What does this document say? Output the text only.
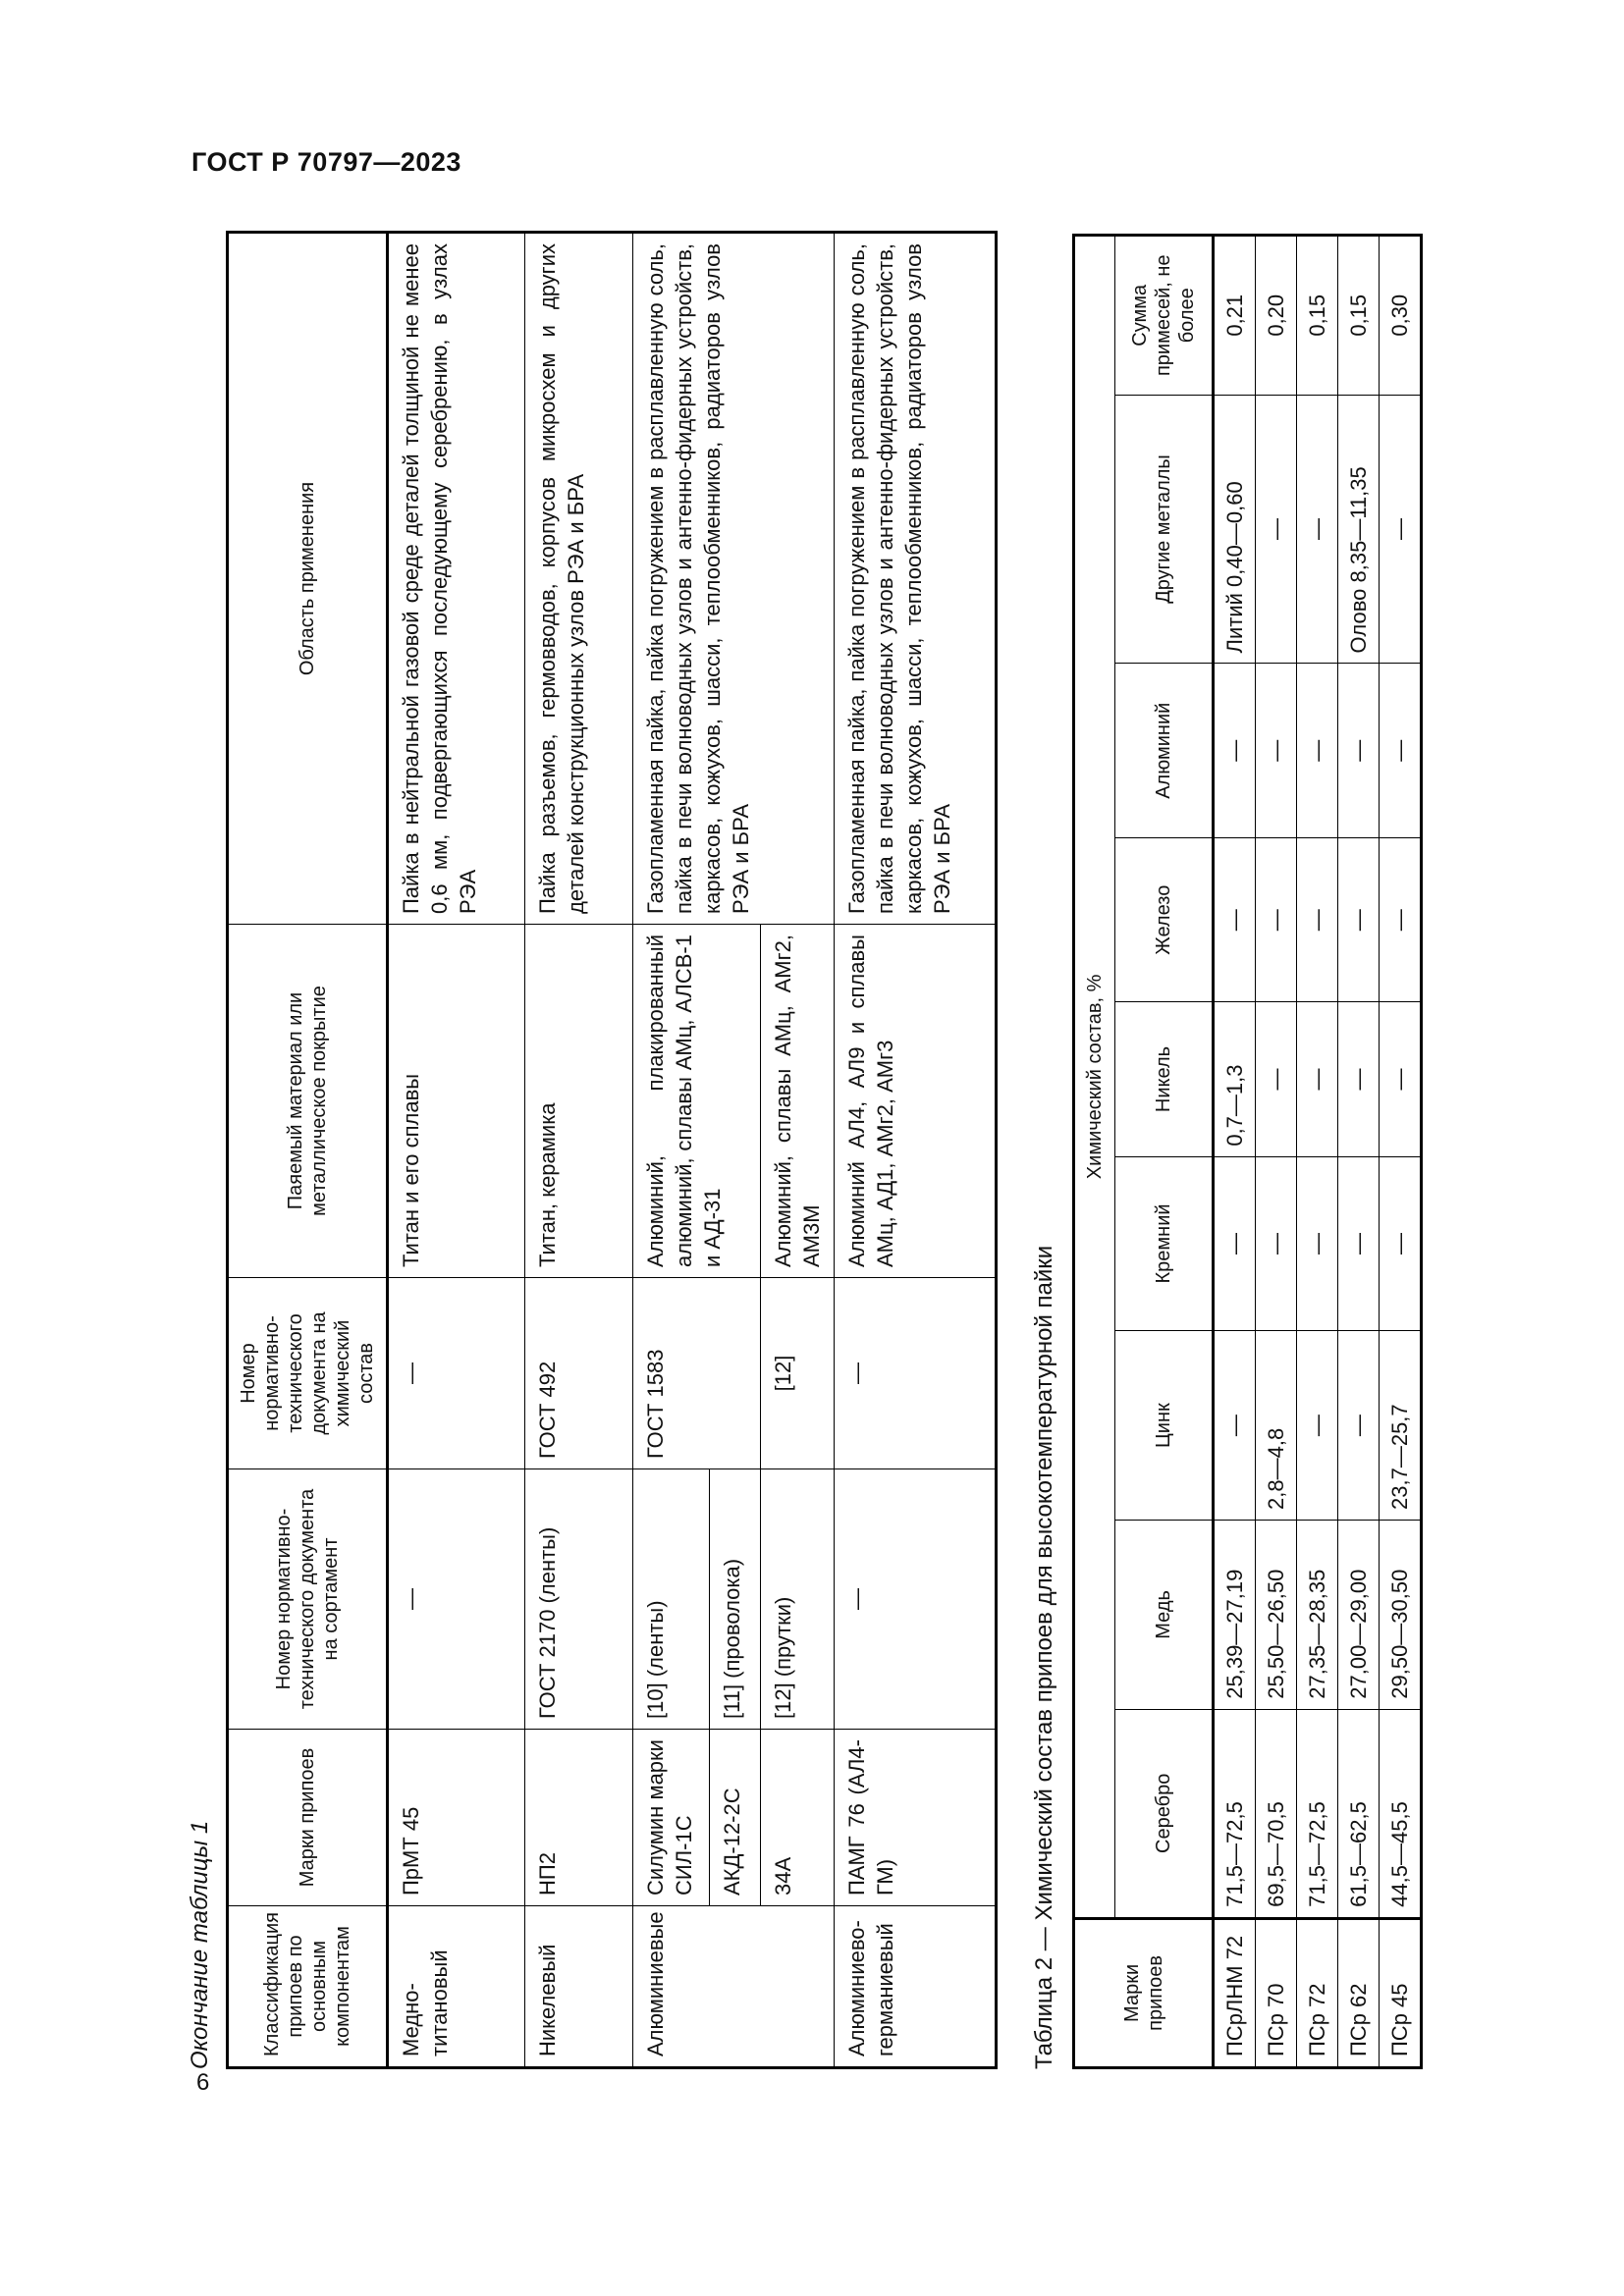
ГОСТ Р 70797—2023
6
Окончание таблицы 1 Классификация припоев по основным компонентам	Марки припоев	Номер нормативно-технического документа на сортамент	Номер нормативно-технического документа на химический состав	Паяемый материал или металлическое покрытие	Область применения
Медно-титановый	ПрМТ 45	—	—	Титан и его сплавы	Пайка в нейтральной газовой среде деталей толщиной не менее 0,6 мм, подвергающихся последующему серебрению, в узлах РЭА
Никелевый	НП2	ГОСТ 2170 (ленты)	ГОСТ 492	Титан, керамика	Пайка разъемов, гермовводов, корпусов микросхем и других деталей конструкционных узлов РЭА и БРА
Алюминиевые	Силумин марки СИЛ-1С	[10] (ленты)	ГОСТ 1583	Алюминий, плакированный алюминий, сплавы АМц, АЛСВ-1 и АД-31	Газопламенная пайка, пайка погружением в расплавленную соль, пайка в печи волноводных узлов и антенно-фидерных устройств, каркасов, кожухов, шасси, теплообменников, радиаторов узлов РЭА и БРА
	АКД-12-2С	[11] (проволока)			
	34А	[12] (прутки)	[12]	Алюминий, сплавы АМц, АМг2, АМ3М	
Алюминиево-германиевый	ПАМГ 76 (АЛ4-ГМ)	—	—	Алюминий АЛ4, АЛ9 и сплавы АМц, АД1, АМг2, АМг3	Газопламенная пайка, пайка погружением в расплавленную соль, пайка в печи волноводных узлов и антенно-фидерных устройств, каркасов, кожухов, шасси, теплообменников, радиаторов узлов РЭА и БРА
Таблица 2 — Химический состав припоев для высокотемпературной пайки	Марки припоев	Химический состав, %								
	Серебро	Медь	Цинк	Кремний	Никель	Железо	Алюминий	Другие металлы	Сумма примесей, не более
ПСрЛНМ 72	71,5—72,5	25,39—27,19	—	—	0,7—1,3	—	—	Литий 0,40—0,60	0,21
ПСр 70	69,5—70,5	25,50—26,50	2,8—4,8	—	—	—	—	—	0,20
ПСр 72	71,5—72,5	27,35—28,35	—	—	—	—	—	—	0,15
ПСр 62	61,5—62,5	27,00—29,00	—	—	—	—	—	Олово 8,35—11,35	0,15
ПСр 45	44,5—45,5	29,50—30,50	23,7—25,7	—	—	—	—	—	0,30
